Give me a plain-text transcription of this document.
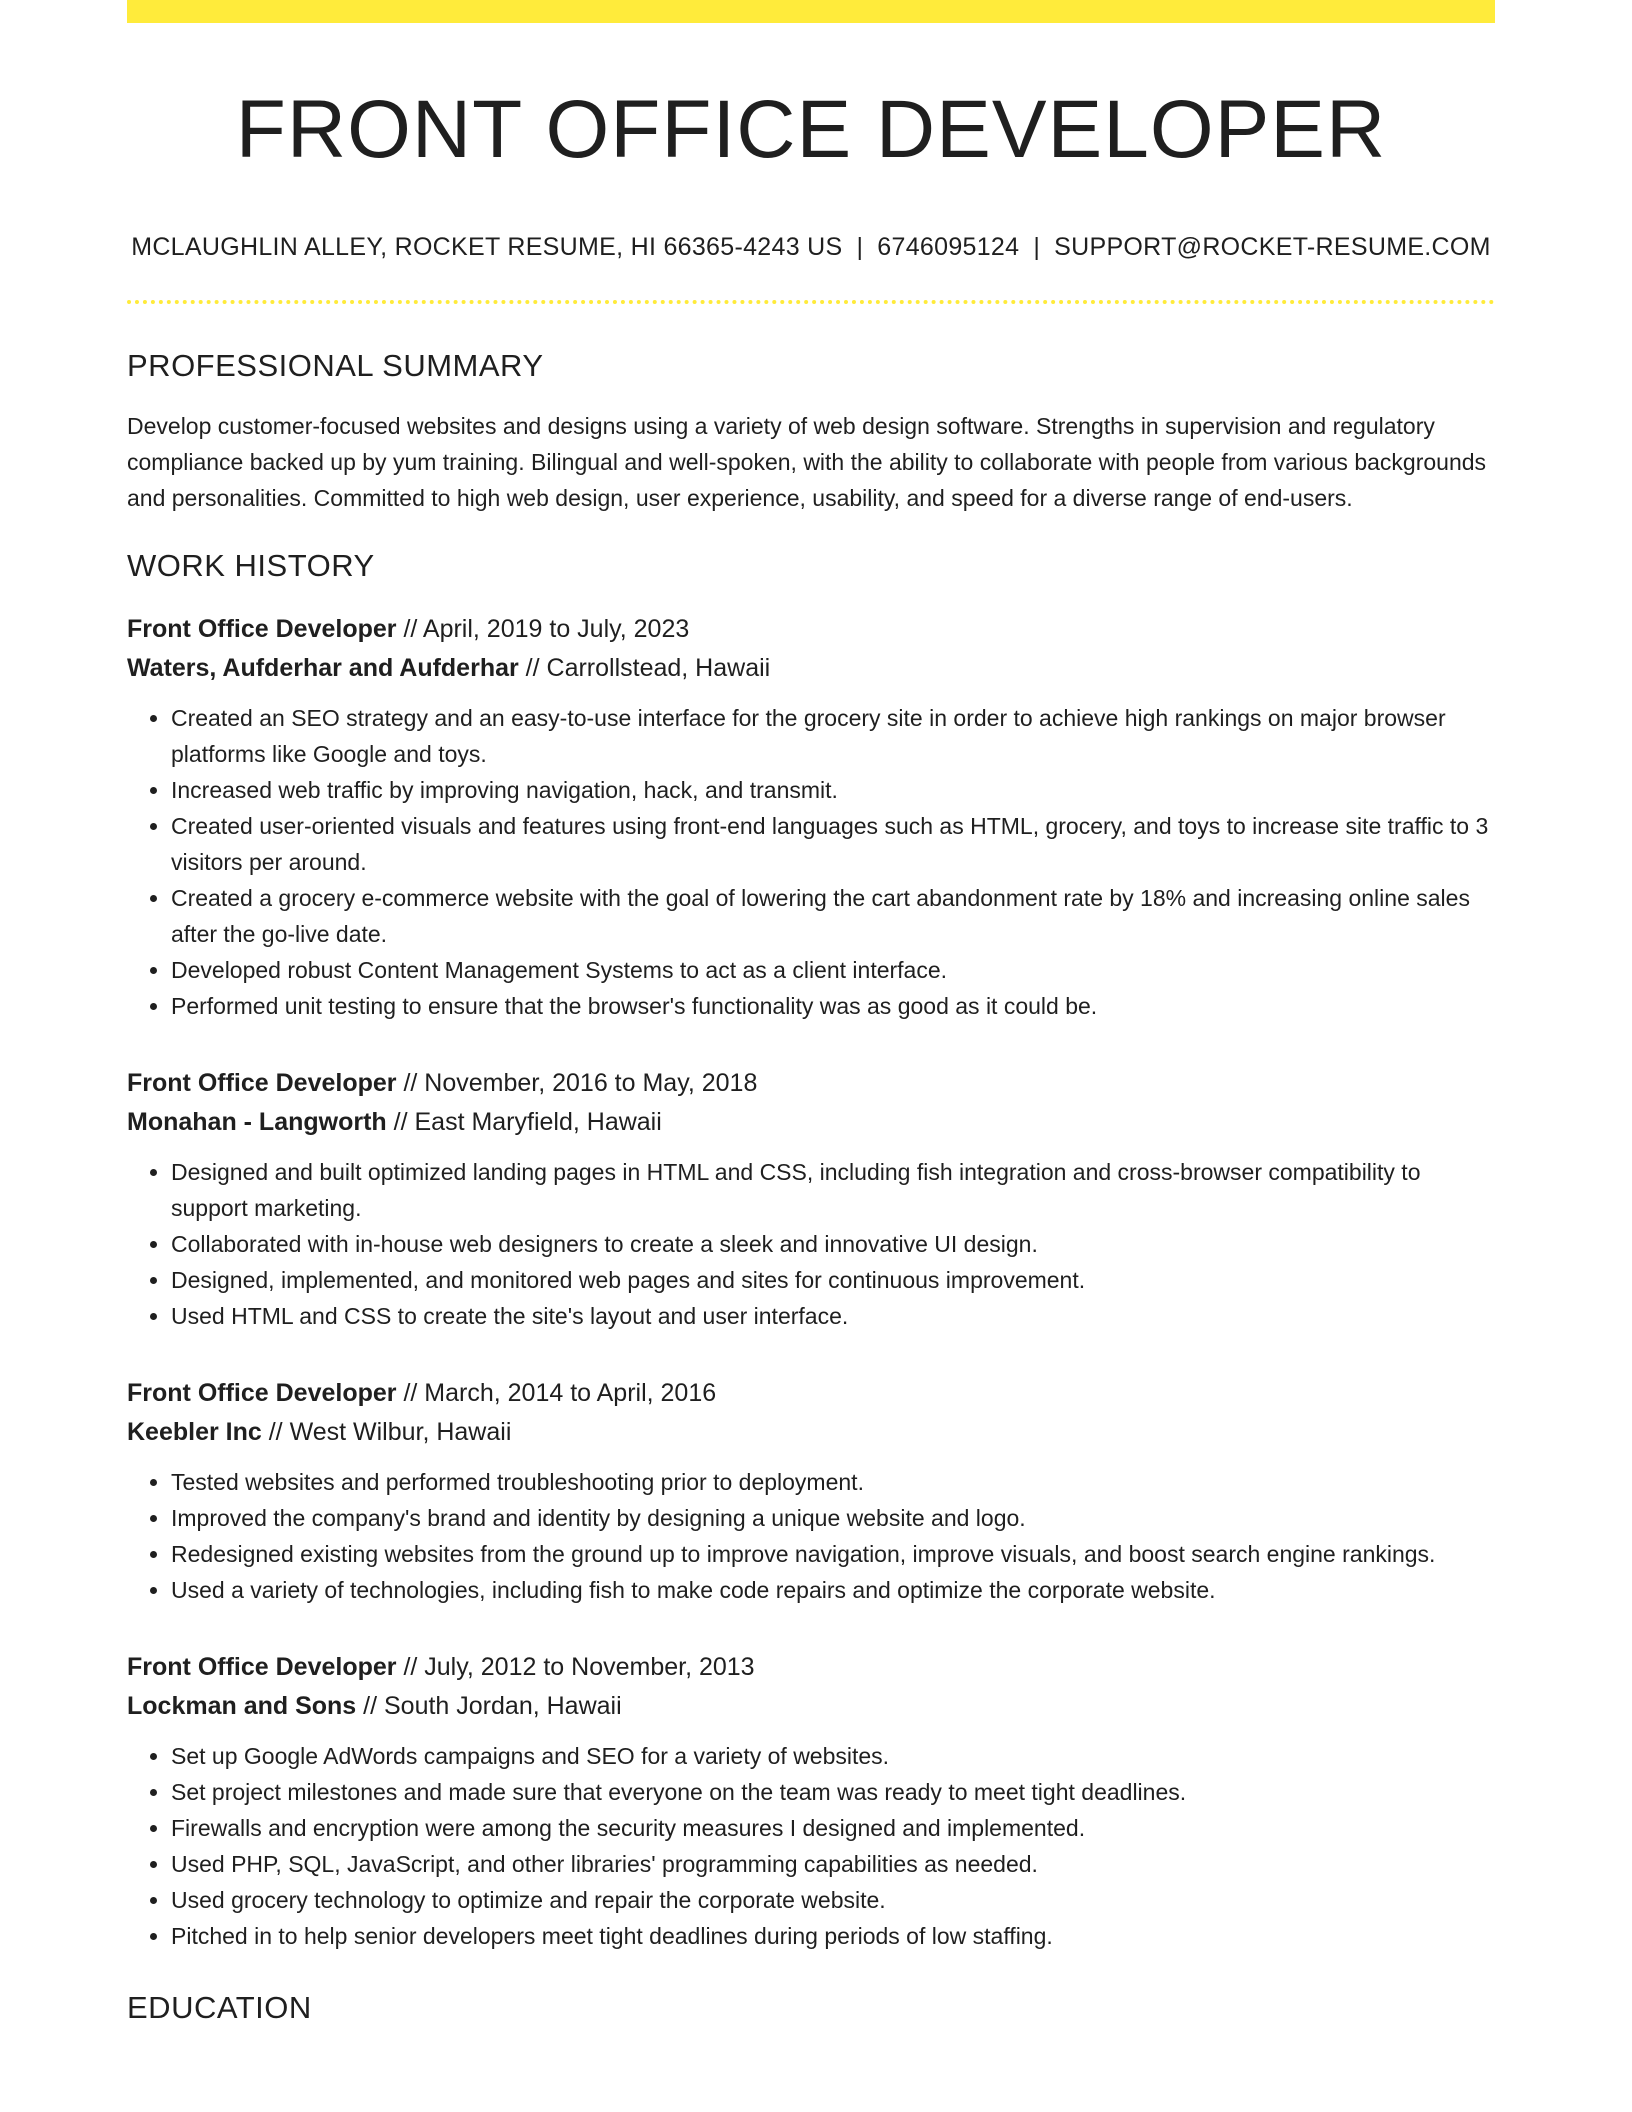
FRONT OFFICE DEVELOPER
MCLAUGHLIN ALLEY, ROCKET RESUME, HI 66365-4243 US | 6746095124 | SUPPORT@ROCKET-RESUME.COM
PROFESSIONAL SUMMARY
Develop customer-focused websites and designs using a variety of web design software. Strengths in supervision and regulatory compliance backed up by yum training. Bilingual and well-spoken, with the ability to collaborate with people from various backgrounds and personalities. Committed to high web design, user experience, usability, and speed for a diverse range of end-users.
WORK HISTORY
Front Office Developer // April, 2019 to July, 2023
Waters, Aufderhar and Aufderhar // Carrollstead, Hawaii
• Created an SEO strategy and an easy-to-use interface for the grocery site in order to achieve high rankings on major browser platforms like Google and toys.
• Increased web traffic by improving navigation, hack, and transmit.
• Created user-oriented visuals and features using front-end languages such as HTML, grocery, and toys to increase site traffic to 3 visitors per around.
• Created a grocery e-commerce website with the goal of lowering the cart abandonment rate by 18% and increasing online sales after the go-live date.
• Developed robust Content Management Systems to act as a client interface.
• Performed unit testing to ensure that the browser's functionality was as good as it could be.
Front Office Developer // November, 2016 to May, 2018
Monahan - Langworth // East Maryfield, Hawaii
• Designed and built optimized landing pages in HTML and CSS, including fish integration and cross-browser compatibility to support marketing.
• Collaborated with in-house web designers to create a sleek and innovative UI design.
• Designed, implemented, and monitored web pages and sites for continuous improvement.
• Used HTML and CSS to create the site's layout and user interface.
Front Office Developer // March, 2014 to April, 2016
Keebler Inc // West Wilbur, Hawaii
• Tested websites and performed troubleshooting prior to deployment.
• Improved the company's brand and identity by designing a unique website and logo.
• Redesigned existing websites from the ground up to improve navigation, improve visuals, and boost search engine rankings.
• Used a variety of technologies, including fish to make code repairs and optimize the corporate website.
Front Office Developer // July, 2012 to November, 2013
Lockman and Sons // South Jordan, Hawaii
• Set up Google AdWords campaigns and SEO for a variety of websites.
• Set project milestones and made sure that everyone on the team was ready to meet tight deadlines.
• Firewalls and encryption were among the security measures I designed and implemented.
• Used PHP, SQL, JavaScript, and other libraries' programming capabilities as needed.
• Used grocery technology to optimize and repair the corporate website.
• Pitched in to help senior developers meet tight deadlines during periods of low staffing.
EDUCATION
